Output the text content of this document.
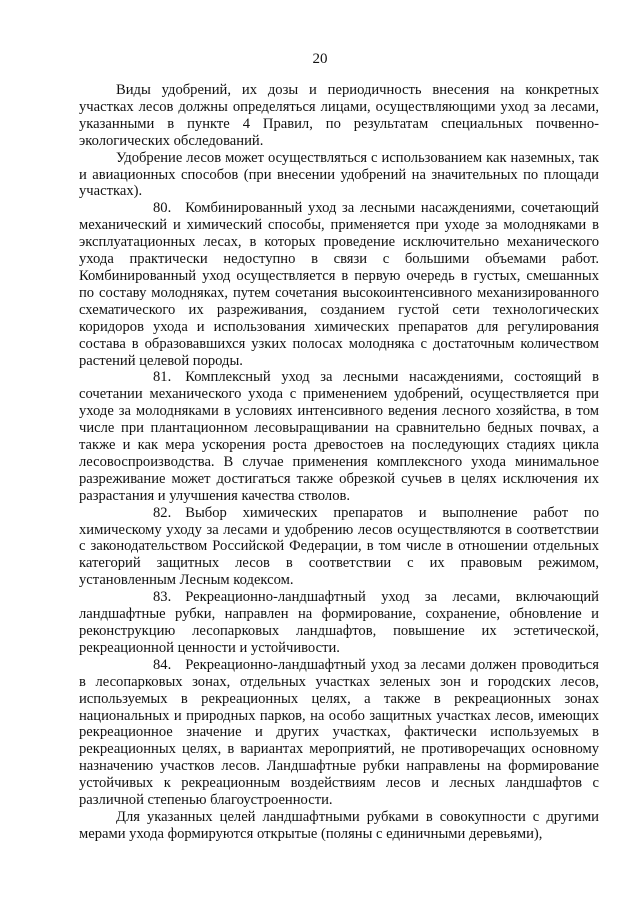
20

Виды удобрений, их дозы и периодичность внесения на конкретных участках лесов должны определяться лицами, осуществляющими уход за лесами, указанными в пункте 4 Правил, по результатам специальных почвенно-экологических обследований.

Удобрение лесов может осуществляться с использованием как наземных, так и авиационных способов (при внесении удобрений на значительных по площади участках).

80. Комбинированный уход за лесными насаждениями, сочетающий механический и химический способы, применяется при уходе за молодняками в эксплуатационных лесах, в которых проведение исключительно механического ухода практически недоступно в связи с большими объемами работ. Комбинированный уход осуществляется в первую очередь в густых, смешанных по составу молодняках, путем сочетания высокоинтенсивного механизированного схематического их разреживания, созданием густой сети технологических коридоров ухода и использования химических препаратов для регулирования состава в образовавшихся узких полосах молодняка с достаточным количеством растений целевой породы.

81. Комплексный уход за лесными насаждениями, состоящий в сочетании механического ухода с применением удобрений, осуществляется при уходе за молодняками в условиях интенсивного ведения лесного хозяйства, в том числе при плантационном лесовыращивании на сравнительно бедных почвах, а также и как мера ускорения роста древостоев на последующих стадиях цикла лесовоспроизводства. В случае применения комплексного ухода минимальное разреживание может достигаться также обрезкой сучьев в целях исключения их разрастания и улучшения качества стволов.

82. Выбор химических препаратов и выполнение работ по химическому уходу за лесами и удобрению лесов осуществляются в соответствии с законодательством Российской Федерации, в том числе в отношении отдельных категорий защитных лесов в соответствии с их правовым режимом, установленным Лесным кодексом.

83. Рекреационно-ландшафтный уход за лесами, включающий ландшафтные рубки, направлен на формирование, сохранение, обновление и реконструкцию лесопарковых ландшафтов, повышение их эстетической, рекреационной ценности и устойчивости.

84. Рекреационно-ландшафтный уход за лесами должен проводиться в лесопарковых зонах, отдельных участках зеленых зон и городских лесов, используемых в рекреационных целях, а также в рекреационных зонах национальных и природных парков, на особо защитных участках лесов, имеющих рекреационное значение и других участках, фактически используемых в рекреационных целях, в вариантах мероприятий, не противоречащих основному назначению участков лесов. Ландшафтные рубки направлены на формирование устойчивых к рекреационным воздействиям лесов и лесных ландшафтов с различной степенью благоустроенности.

Для указанных целей ландшафтными рубками в совокупности с другими мерами ухода формируются открытые (поляны с единичными деревьями),
